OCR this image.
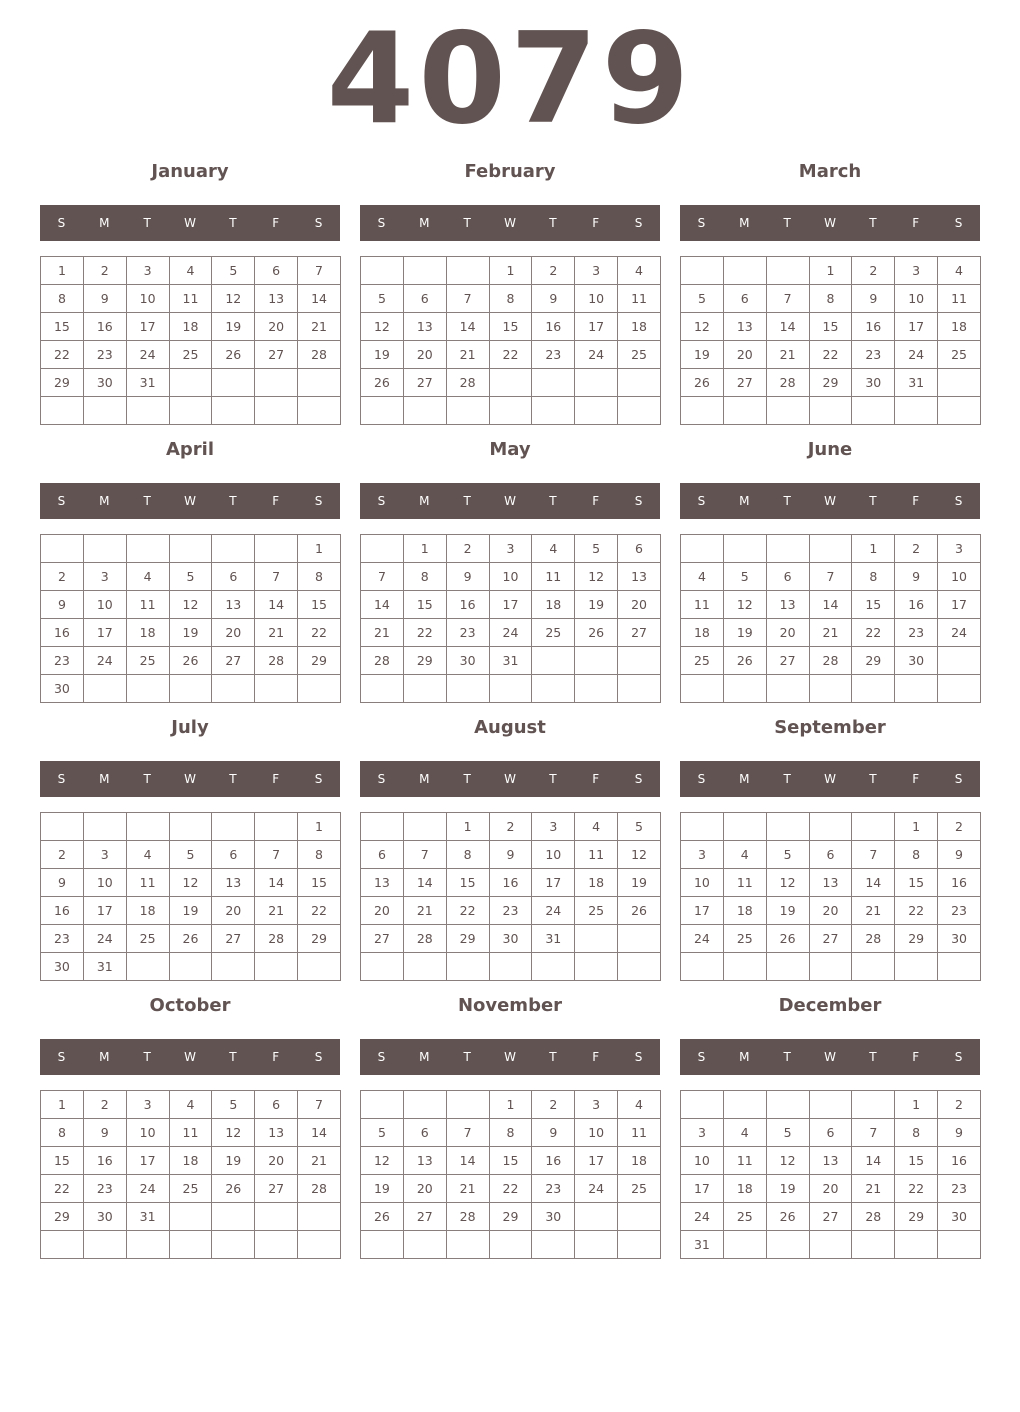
4079
January
S	M	T	W	T	F	S
1	2	3	4	5	6	7
8	9	10	11	12	13	14
15	16	17	18	19	20	21
22	23	24	25	26	27	28
29	30	31				

February
S	M	T	W	T	F	S
			1	2	3	4
5	6	7	8	9	10	11
12	13	14	15	16	17	18
19	20	21	22	23	24	25
26	27	28				

March
S	M	T	W	T	F	S
			1	2	3	4
5	6	7	8	9	10	11
12	13	14	15	16	17	18
19	20	21	22	23	24	25
26	27	28	29	30	31	

April
S	M	T	W	T	F	S
						1
2	3	4	5	6	7	8
9	10	11	12	13	14	15
16	17	18	19	20	21	22
23	24	25	26	27	28	29
30						
May
S	M	T	W	T	F	S
	1	2	3	4	5	6
7	8	9	10	11	12	13
14	15	16	17	18	19	20
21	22	23	24	25	26	27
28	29	30	31			

June
S	M	T	W	T	F	S
				1	2	3
4	5	6	7	8	9	10
11	12	13	14	15	16	17
18	19	20	21	22	23	24
25	26	27	28	29	30	

July
S	M	T	W	T	F	S
						1
2	3	4	5	6	7	8
9	10	11	12	13	14	15
16	17	18	19	20	21	22
23	24	25	26	27	28	29
30	31					
August
S	M	T	W	T	F	S
		1	2	3	4	5
6	7	8	9	10	11	12
13	14	15	16	17	18	19
20	21	22	23	24	25	26
27	28	29	30	31		

September
S	M	T	W	T	F	S
					1	2
3	4	5	6	7	8	9
10	11	12	13	14	15	16
17	18	19	20	21	22	23
24	25	26	27	28	29	30

October
S	M	T	W	T	F	S
1	2	3	4	5	6	7
8	9	10	11	12	13	14
15	16	17	18	19	20	21
22	23	24	25	26	27	28
29	30	31				

November
S	M	T	W	T	F	S
			1	2	3	4
5	6	7	8	9	10	11
12	13	14	15	16	17	18
19	20	21	22	23	24	25
26	27	28	29	30		

December
S	M	T	W	T	F	S
					1	2
3	4	5	6	7	8	9
10	11	12	13	14	15	16
17	18	19	20	21	22	23
24	25	26	27	28	29	30
31						
